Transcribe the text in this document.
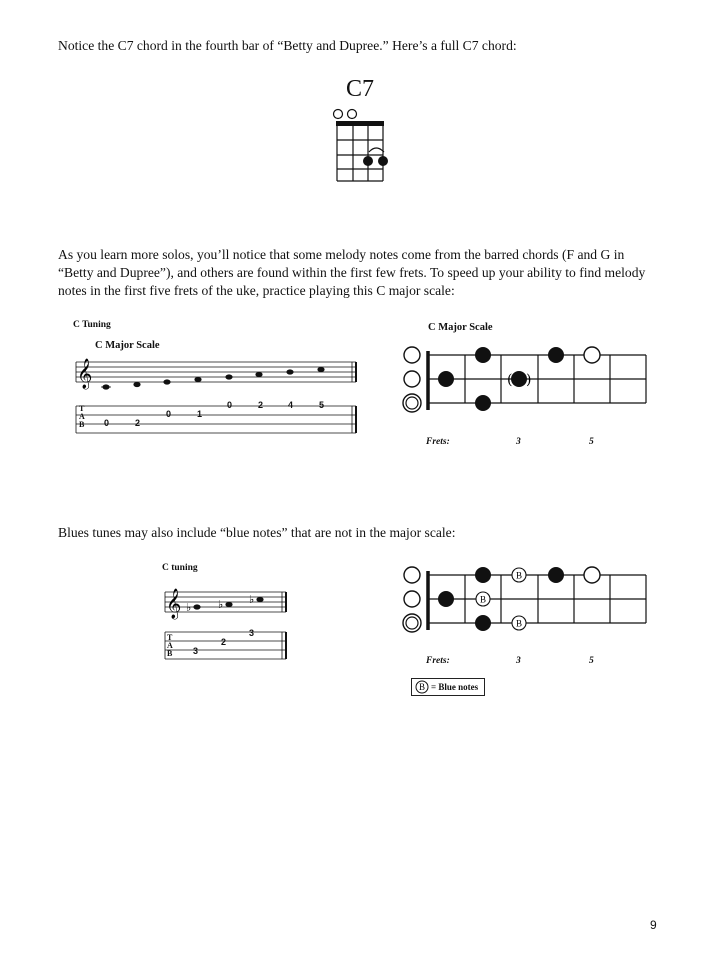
Notice the C7 chord in the fourth bar of “Betty and Dupree.” Here’s a full C7 chord:

C7

As you learn more solos, you’ll notice that some melody notes come from the barred chords (F and G in “Betty and Dupree”), and others are found within the first few frets. To speed up your ability to find melody notes in the first five frets of the uke, practice playing this C major scale:

C Tuning
C Major Scale
𝄞
T
A
B 0	2
0	1
0	2	4	5
C Major Scale
( )
Frets:	3	5

Blues tunes may also include “blue notes” that are not in the major scale:

C tuning
𝄞 ♭ ♭ ♭
T
A
B 3
2
3
B
B
B
Frets:	3	5
B = Blue notes
9
